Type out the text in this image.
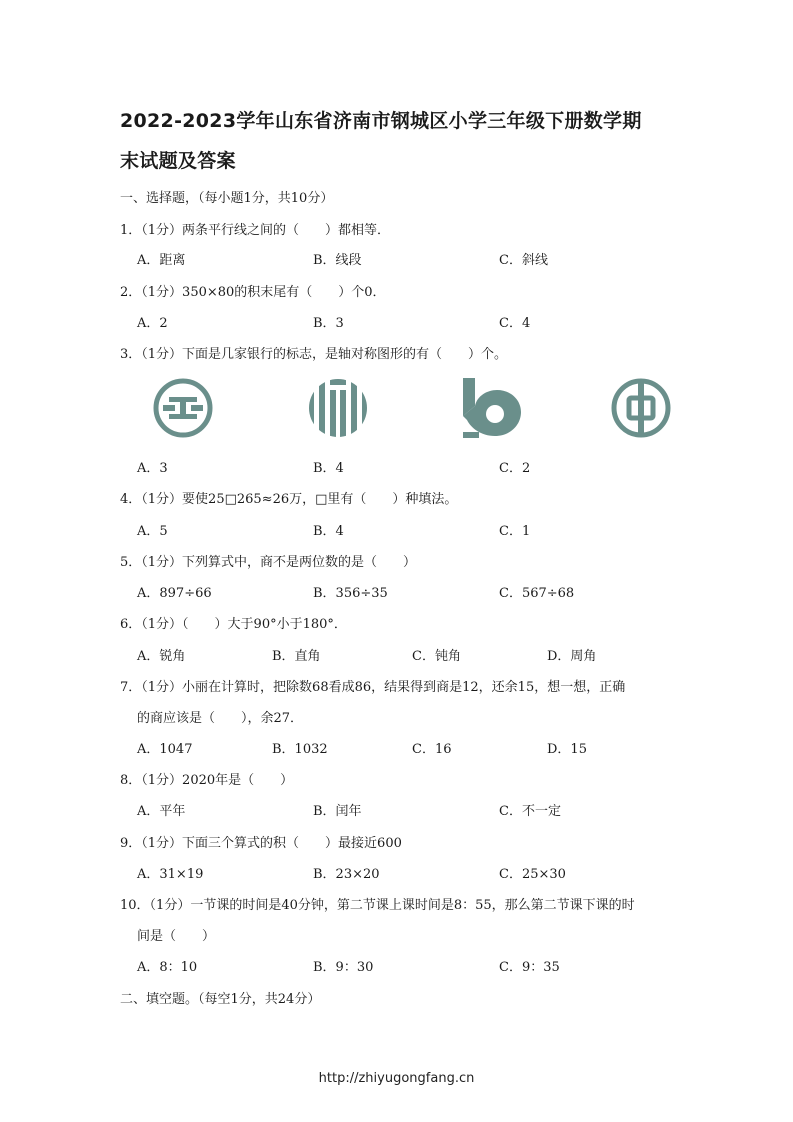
2022-2023学年山东省济南市钢城区小学三年级下册数学期
末试题及答案
一、选择题，（每小题1分，共10分）
1．（1分）两条平行线之间的（　　）都相等．
A．距离	B．线段	C．斜线
2．（1分）350×80的积末尾有（　　）个0．
A．2	B．3	C．4
3．（1分）下面是几家银行的标志，是轴对称图形的有（　　）个。
A．3	B．4	C．2
4．（1分）要使25□265≈26万，□里有（　　）种填法。
A．5	B．4	C．1
5．（1分）下列算式中，商不是两位数的是（　　）
A．897÷66	B．356÷35	C．567÷68
6．（1分）（　　）大于90°小于180°．
A．锐角	B．直角	C．钝角	D．周角
7．（1分）小丽在计算时，把除数68看成86，结果得到商是12，还余15，想一想，正确
的商应该是（　　），余27．
A．1047	B．1032	C．16	D．15
8．（1分）2020年是（　　）
A．平年	B．闰年	C．不一定
9．（1分）下面三个算式的积（　　）最接近600
A．31×19	B．23×20	C．25×30
10．（1分）一节课的时间是40分钟，第二节课上课时间是8：55，那么第二节课下课的时
间是（　　）
A．8：10	B．9：30	C．9：35
二、填空题。（每空1分，共24分）
http://zhiyugongfang.cn
